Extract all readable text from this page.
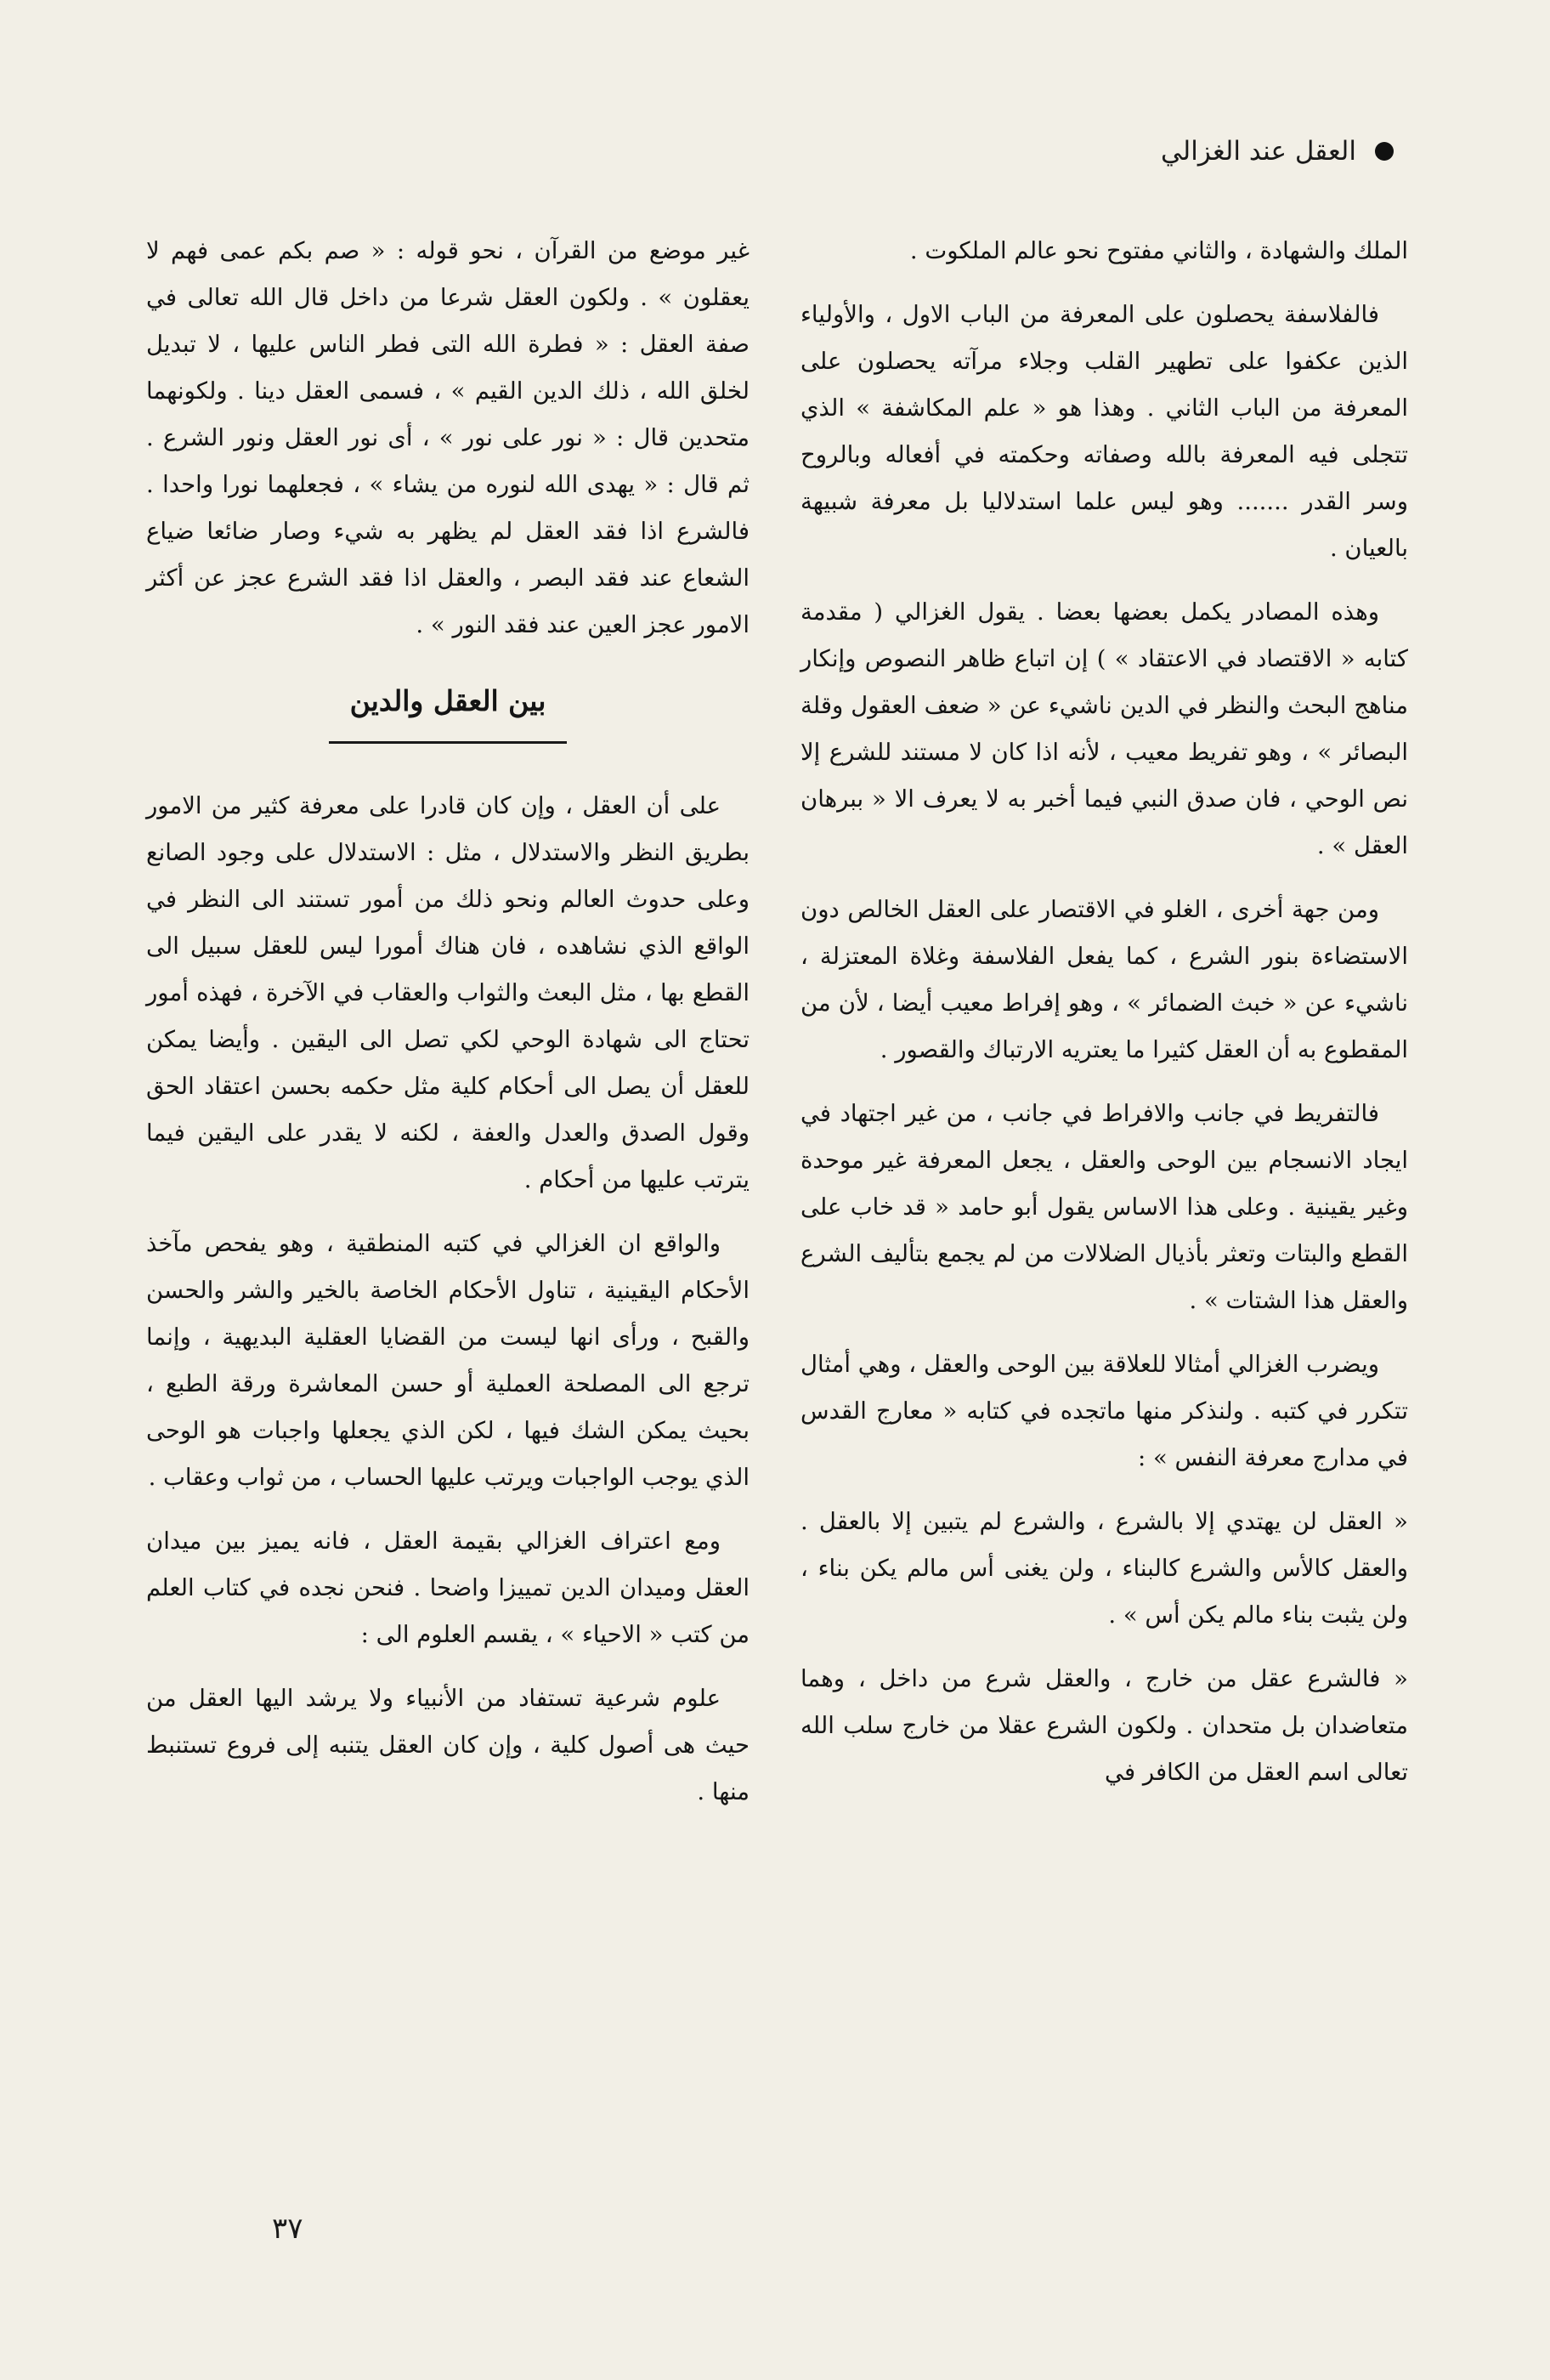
العقل عند الغزالي

الملك والشهادة ، والثاني مفتوح نحو عالم الملكوت .

فالفلاسفة يحصلون على المعرفة من الباب الاول ، والأولياء الذين عكفوا على تطهير القلب وجلاء مرآته يحصلون على المعرفة من الباب الثاني . وهذا هو « علم المكاشفة » الذي تتجلى فيه المعرفة بالله وصفاته وحكمته في أفعاله وبالروح وسر القدر ....... وهو ليس علما استدلاليا بل معرفة شبيهة بالعيان .

وهذه المصادر يكمل بعضها بعضا . يقول الغزالي ( مقدمة كتابه « الاقتصاد في الاعتقاد » ) إن اتباع ظاهر النصوص وإنكار مناهج البحث والنظر في الدين ناشيء عن « ضعف العقول وقلة البصائر » ، وهو تفريط معيب ، لأنه اذا كان لا مستند للشرع إلا نص الوحي ، فان صدق النبي فيما أخبر به لا يعرف الا « ببرهان العقل » .

ومن جهة أخرى ، الغلو في الاقتصار على العقل الخالص دون الاستضاءة بنور الشرع ، كما يفعل الفلاسفة وغلاة المعتزلة ، ناشيء عن « خبث الضمائر » ، وهو إفراط معيب أيضا ، لأن من المقطوع به أن العقل كثيرا ما يعتريه الارتباك والقصور .

فالتفريط في جانب والافراط في جانب ، من غير اجتهاد في ايجاد الانسجام بين الوحى والعقل ، يجعل المعرفة غير موحدة وغير يقينية . وعلى هذا الاساس يقول أبو حامد « قد خاب على القطع والبتات وتعثر بأذيال الضلالات من لم يجمع بتأليف الشرع والعقل هذا الشتات » .

ويضرب الغزالي أمثالا للعلاقة بين الوحى والعقل ، وهي أمثال تتكرر في كتبه . ولنذكر منها ماتجده في كتابه « معارج القدس في مدارج معرفة النفس » :

« العقل لن يهتدي إلا بالشرع ، والشرع لم يتبين إلا بالعقل . والعقل كالأس والشرع كالبناء ، ولن يغنى أس مالم يكن بناء ، ولن يثبت بناء مالم يكن أس » .

« فالشرع عقل من خارج ، والعقل شرع من داخل ، وهما متعاضدان بل متحدان . ولكون الشرع عقلا من خارج سلب الله تعالى اسم العقل من الكافر في

غير موضع من القرآن ، نحو قوله : « صم بكم عمى فهم لا يعقلون » . ولكون العقل شرعا من داخل قال الله تعالى في صفة العقل : « فطرة الله التى فطر الناس عليها ، لا تبديل لخلق الله ، ذلك الدين القيم » ، فسمى العقل دينا . ولكونهما متحدين قال : « نور على نور » ، أى نور العقل ونور الشرع . ثم قال : « يهدى الله لنوره من يشاء » ، فجعلهما نورا واحدا . فالشرع اذا فقد العقل لم يظهر به شيء وصار ضائعا ضياع الشعاع عند فقد البصر ، والعقل اذا فقد الشرع عجز عن أكثر الامور عجز العين عند فقد النور » .

بين العقل والدين

على أن العقل ، وإن كان قادرا على معرفة كثير من الامور بطريق النظر والاستدلال ، مثل : الاستدلال على وجود الصانع وعلى حدوث العالم ونحو ذلك من أمور تستند الى النظر في الواقع الذي نشاهده ، فان هناك أمورا ليس للعقل سبيل الى القطع بها ، مثل البعث والثواب والعقاب في الآخرة ، فهذه أمور تحتاج الى شهادة الوحي لكي تصل الى اليقين . وأيضا يمكن للعقل أن يصل الى أحكام كلية مثل حكمه بحسن اعتقاد الحق وقول الصدق والعدل والعفة ، لكنه لا يقدر على اليقين فيما يترتب عليها من أحكام .

والواقع ان الغزالي في كتبه المنطقية ، وهو يفحص مآخذ الأحكام اليقينية ، تناول الأحكام الخاصة بالخير والشر والحسن والقبح ، ورأى انها ليست من القضايا العقلية البديهية ، وإنما ترجع الى المصلحة العملية أو حسن المعاشرة ورقة الطبع ، بحيث يمكن الشك فيها ، لكن الذي يجعلها واجبات هو الوحى الذي يوجب الواجبات ويرتب عليها الحساب ، من ثواب وعقاب .

ومع اعتراف الغزالي بقيمة العقل ، فانه يميز بين ميدان العقل وميدان الدين تمييزا واضحا . فنحن نجده في كتاب العلم من كتب « الاحياء » ، يقسم العلوم الى :

علوم شرعية تستفاد من الأنبياء ولا يرشد اليها العقل من حيث هى أصول كلية ، وإن كان العقل يتنبه إلى فروع تستنبط منها .

٣٧
